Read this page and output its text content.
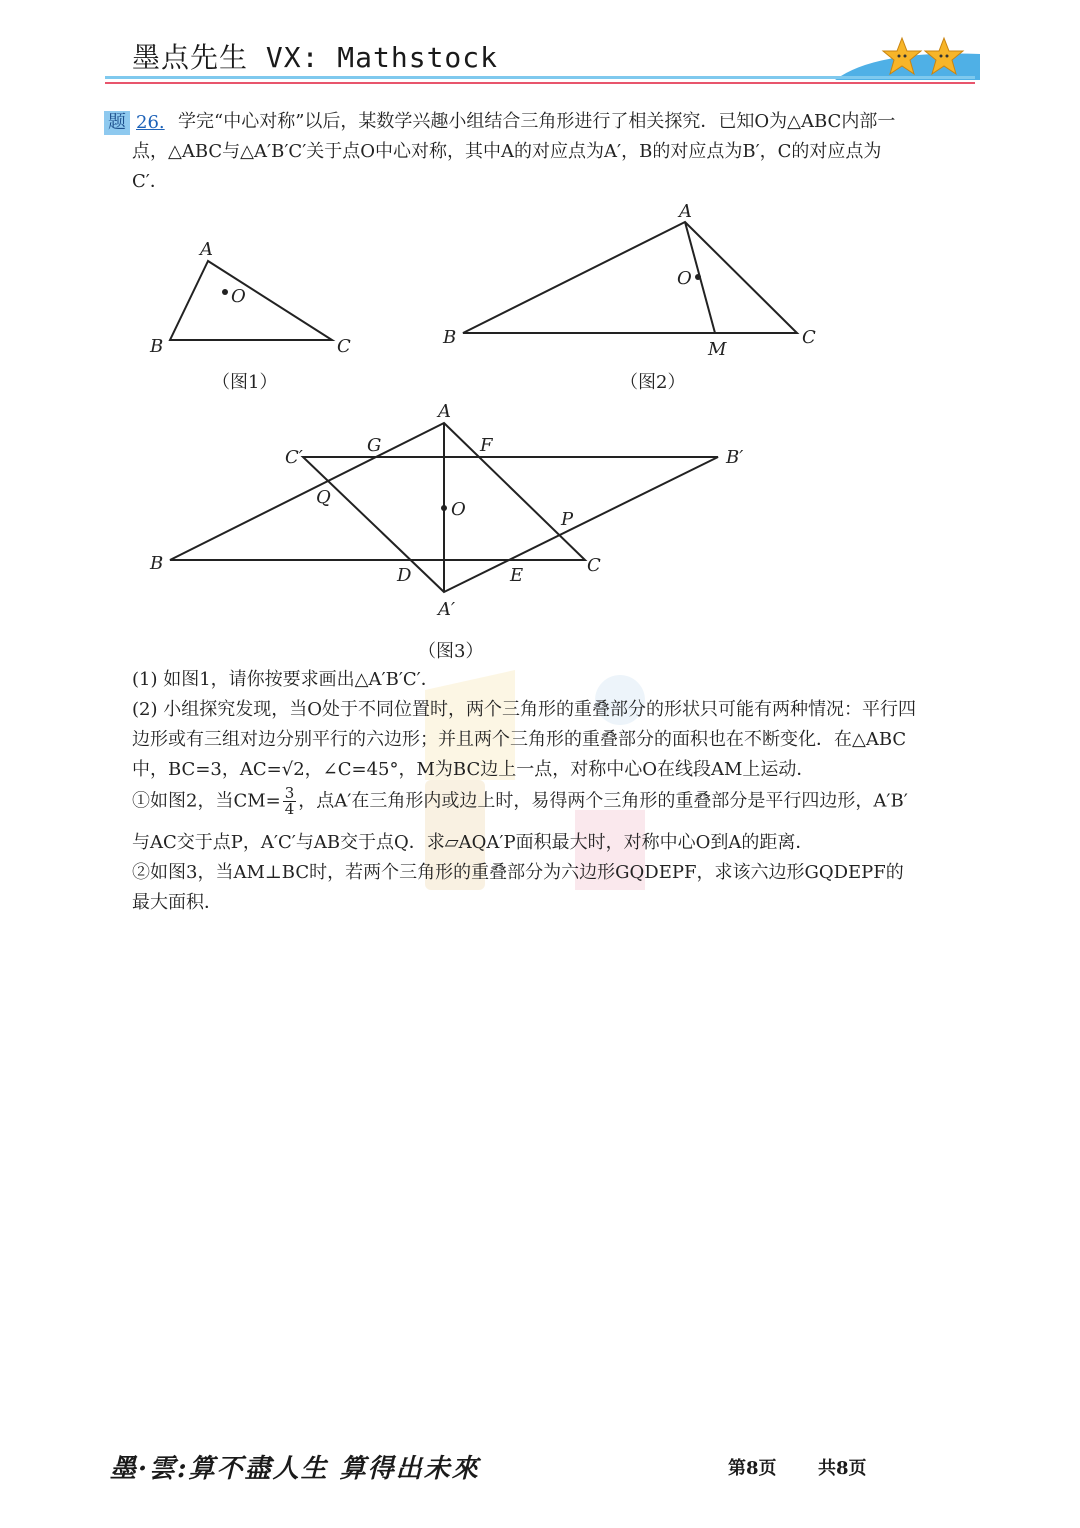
墨点先生 VX: Mathstock
题 26. 学完“中心对称”以后，某数学兴趣小组结合三角形进行了相关探究．已知O为△ABC内部一
点，△ABC与△A′B′C′关于点O中心对称，其中A的对应点为A′，B的对应点为B′，C的对应点为
C′．
A
B	C
O
（图1）
A
B	C
O
M
（图2）
A
B	C
O
A′
B′
C′
G	F
Q
P
D	E
（图3）
(1) 如图1，请你按要求画出△A′B′C′．
(2) 小组探究发现，当O处于不同位置时，两个三角形的重叠部分的形状只可能有两种情况：平行四
边形或有三组对边分别平行的六边形；并且两个三角形的重叠部分的面积也在不断变化．在△ABC
中，BC=3，AC=√2，∠C=45°，M为BC边上一点，对称中心O在线段AM上运动．
①如图2，当$CM= \frac{3}{4}$ ，点A′在三角形内或边上时，易得两个三角形的重叠部分是平行四边形，A′B′
与AC交于点P，A′C′与AB交于点Q．求▱AQA′P面积最大时，对称中心O到A的距离．
②如图3，当AM⊥BC时，若两个三角形的重叠部分为六边形GQDEPF，求该六边形GQDEPF的
最大面积．
墨·雲:算不盡人生 算得出未來	第8页 共8页
